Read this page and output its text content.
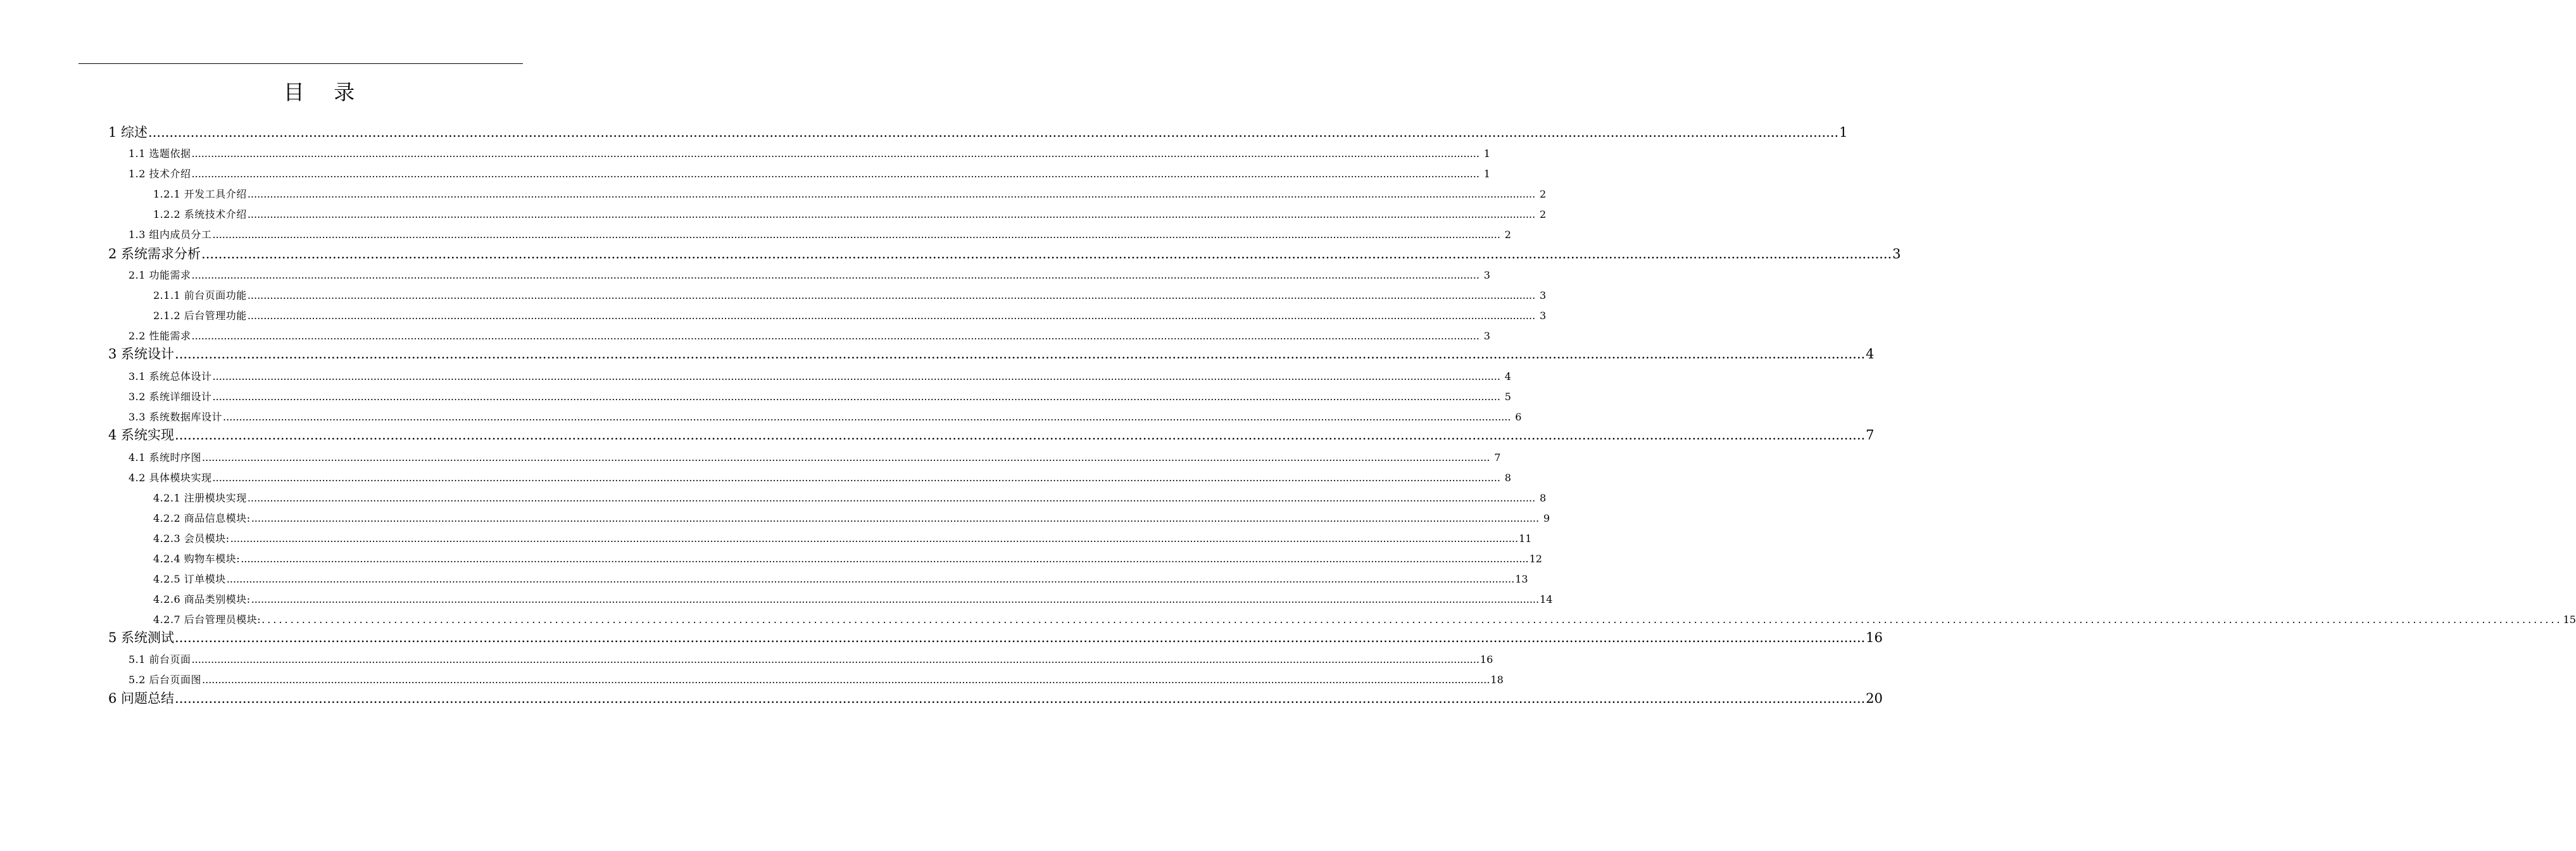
目 录
1 综述 ................................................................................................................................................................................................................................................................................................................................................................................................................ 1
1.1 选题依据 ................................................................................................................................................................................................................................................................................................................................................................................................................ 1
1.2 技术介绍 ................................................................................................................................................................................................................................................................................................................................................................................................................ 1
1.2.1 开发工具介绍 ................................................................................................................................................................................................................................................................................................................................................................................................................ 2
1.2.2 系统技术介绍 ................................................................................................................................................................................................................................................................................................................................................................................................................ 2
1.3 组内成员分工 ................................................................................................................................................................................................................................................................................................................................................................................................................ 2
2 系统需求分析 ................................................................................................................................................................................................................................................................................................................................................................................................................ 3
2.1 功能需求 ................................................................................................................................................................................................................................................................................................................................................................................................................ 3
2.1.1 前台页面功能 ................................................................................................................................................................................................................................................................................................................................................................................................................ 3
2.1.2 后台管理功能 ................................................................................................................................................................................................................................................................................................................................................................................................................ 3
2.2 性能需求 ................................................................................................................................................................................................................................................................................................................................................................................................................ 3
3 系统设计 ................................................................................................................................................................................................................................................................................................................................................................................................................ 4
3.1 系统总体设计 ................................................................................................................................................................................................................................................................................................................................................................................................................ 4
3.2 系统详细设计 ................................................................................................................................................................................................................................................................................................................................................................................................................ 5
3.3 系统数据库设计 ................................................................................................................................................................................................................................................................................................................................................................................................................ 6
4 系统实现 ................................................................................................................................................................................................................................................................................................................................................................................................................ 7
4.1 系统时序图 ................................................................................................................................................................................................................................................................................................................................................................................................................ 7
4.2 具体模块实现 ................................................................................................................................................................................................................................................................................................................................................................................................................ 8
4.2.1 注册模块实现 ................................................................................................................................................................................................................................................................................................................................................................................................................ 8
4.2.2 商品信息模块: ................................................................................................................................................................................................................................................................................................................................................................................................................ 9
4.2.3 会员模块: ................................................................................................................................................................................................................................................................................................................................................................................................................ 11
4.2.4 购物车模块: ................................................................................................................................................................................................................................................................................................................................................................................................................ 12
4.2.5 订单模块 ................................................................................................................................................................................................................................................................................................................................................................................................................ 13
4.2.6 商品类别模块: ................................................................................................................................................................................................................................................................................................................................................................................................................ 14
4.2.7 后台管理员模块: ................................................................................................................................................................................................................................................................................................................................................................................................................ 15
5 系统测试 ................................................................................................................................................................................................................................................................................................................................................................................................................ 16
5.1 前台页面 ................................................................................................................................................................................................................................................................................................................................................................................................................ 16
5.2 后台页面图 ................................................................................................................................................................................................................................................................................................................................................................................................................ 18
6 问题总结 ................................................................................................................................................................................................................................................................................................................................................................................................................ 20
